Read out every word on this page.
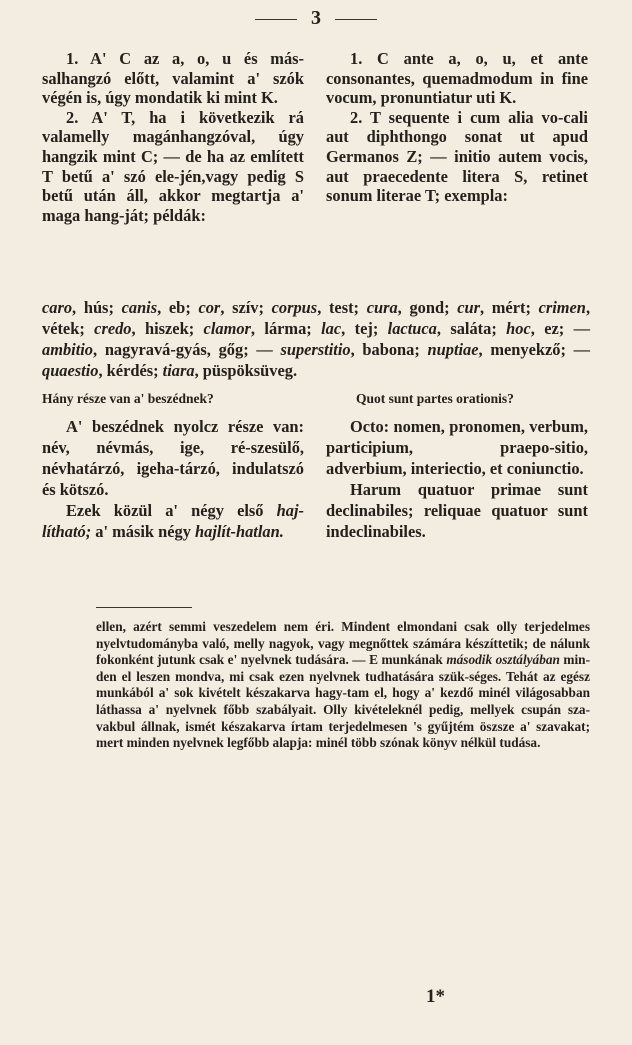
3

1. A' C az a, o, u és más-salhangzó előtt, valamint a' szók végén is, úgy mondatik ki mint K.

2. A' T, ha i következik rá valamelly magánhangzóval, úgy hangzik mint C; — de ha az említett T betű a' szó ele-jén,vagy pedig S betű után áll, akkor megtartja a' maga hang-ját; példák:

1. C ante a, o, u, et ante consonantes, quemadmodum in fine vocum, pronuntiatur uti K.

2. T sequente i cum alia vo-cali aut diphthongo sonat ut apud Germanos Z; — initio autem vocis, aut praecedente litera S, retinet sonum literae T; exempla:

caro, hús; canis, eb; cor, szív; corpus, test; cura, gond; cur, mért; crimen, vétek; credo, hiszek; clamor, lárma; lac, tej; lactuca, saláta; hoc, ez; — ambitio, nagyravá-gyás, gőg; — superstitio, babona; nuptiae, menyekző; — quaestio, kérdés; tiara, püspöksüveg.
Hány része van a' beszédnek?	Quot sunt partes orationis?

A' beszédnek nyolcz része van: név, névmás, ige, ré-szesülő, névhatárzó, igeha-tárzó, indulatszó és kötszó.

Ezek közül a' négy első haj-lítható; a' másik négy hajlít-hatlan.

Octo: nomen, pronomen, verbum, participium, praepo-sitio, adverbium, interiectio, et coniunctio.

Harum quatuor primae sunt declinabiles; reliquae quatuor sunt indeclinabiles.

ellen, azért semmi veszedelem nem éri. Mindent elmondani csak olly terjedelmes nyelvtudományba való, melly nagyok, vagy megnőttek számára készíttetik; de nálunk fokonként jutunk csak e' nyelvnek tudására. — E munkának második osztályában min-den el leszen mondva, mi csak ezen nyelvnek tudhatására szük-séges. Tehát az egész munkából a' sok kivételt készakarva hagy-tam el, hogy a' kezdő minél világosabban láthassa a' nyelvnek főbb szabályait. Olly kivételeknél pedig, mellyek csupán sza-vakbul állnak, ismét készakarva írtam terjedelmesen 's gyűjtém öszsze a' szavakat; mert minden nyelvnek legfőbb alapja: minél több szónak könyv nélkül tudása.
1*
